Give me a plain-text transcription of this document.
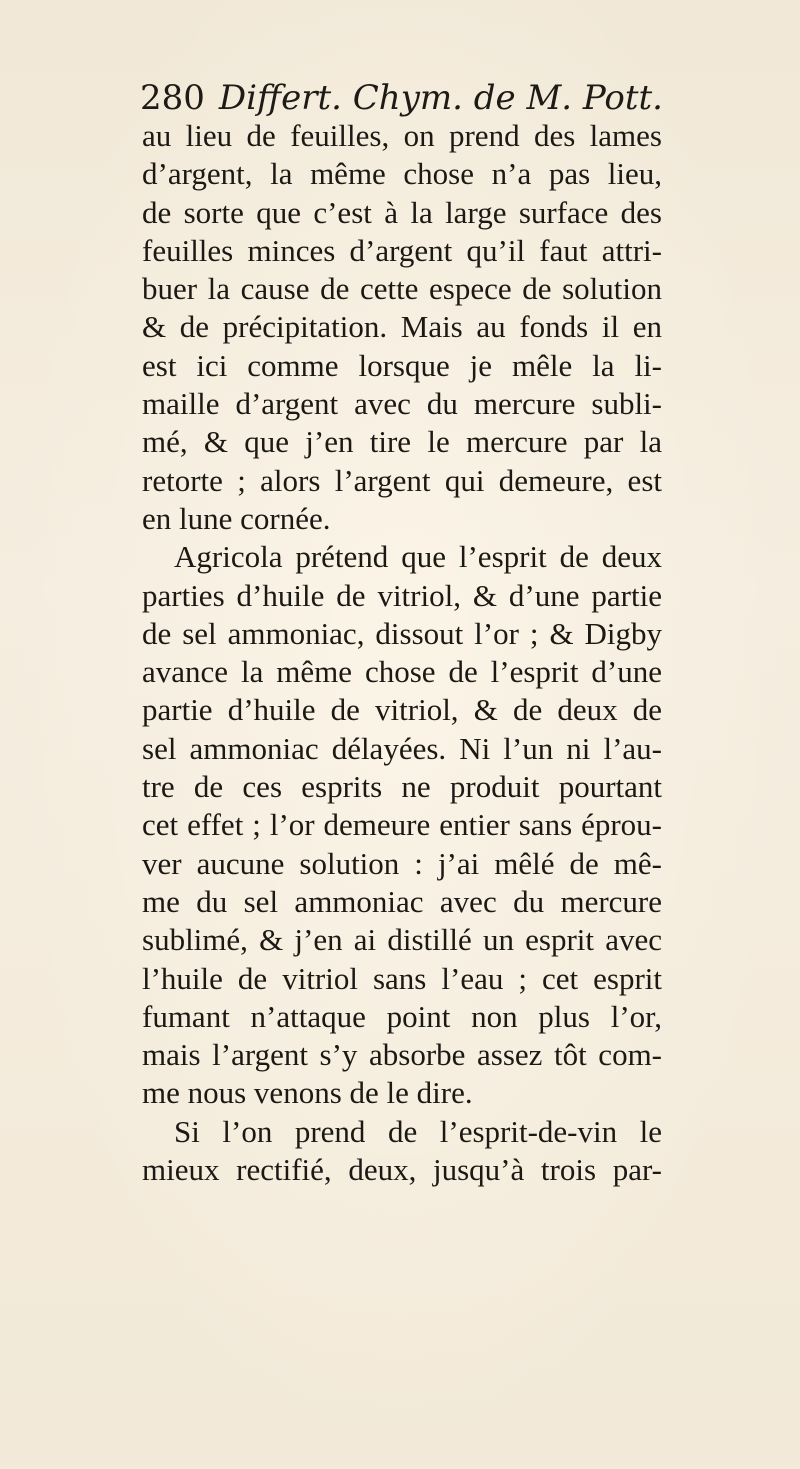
280 Differt. Chym. de M. Pott.
au lieu de feuilles, on prend des lames
d’argent, la même chose n’a pas lieu,
de sorte que c’est à la large surface des
feuilles minces d’argent qu’il faut attri-
buer la cause de cette espece de solution
& de précipitation. Mais au fonds il en
est ici comme lorsque je mêle la li-
maille d’argent avec du mercure subli-
mé, & que j’en tire le mercure par la
retorte ; alors l’argent qui demeure, est
en lune cornée.
Agricola prétend que l’esprit de deux
parties d’huile de vitriol, & d’une partie
de sel ammoniac, dissout l’or ; & Digby
avance la même chose de l’esprit d’une
partie d’huile de vitriol, & de deux de
sel ammoniac délayées. Ni l’un ni l’au-
tre de ces esprits ne produit pourtant
cet effet ; l’or demeure entier sans éprou-
ver aucune solution : j’ai mêlé de mê-
me du sel ammoniac avec du mercure
sublimé, & j’en ai distillé un esprit avec
l’huile de vitriol sans l’eau ; cet esprit
fumant n’attaque point non plus l’or,
mais l’argent s’y absorbe assez tôt com-
me nous venons de le dire.
Si l’on prend de l’esprit-de-vin le
mieux rectifié, deux, jusqu’à trois par-
